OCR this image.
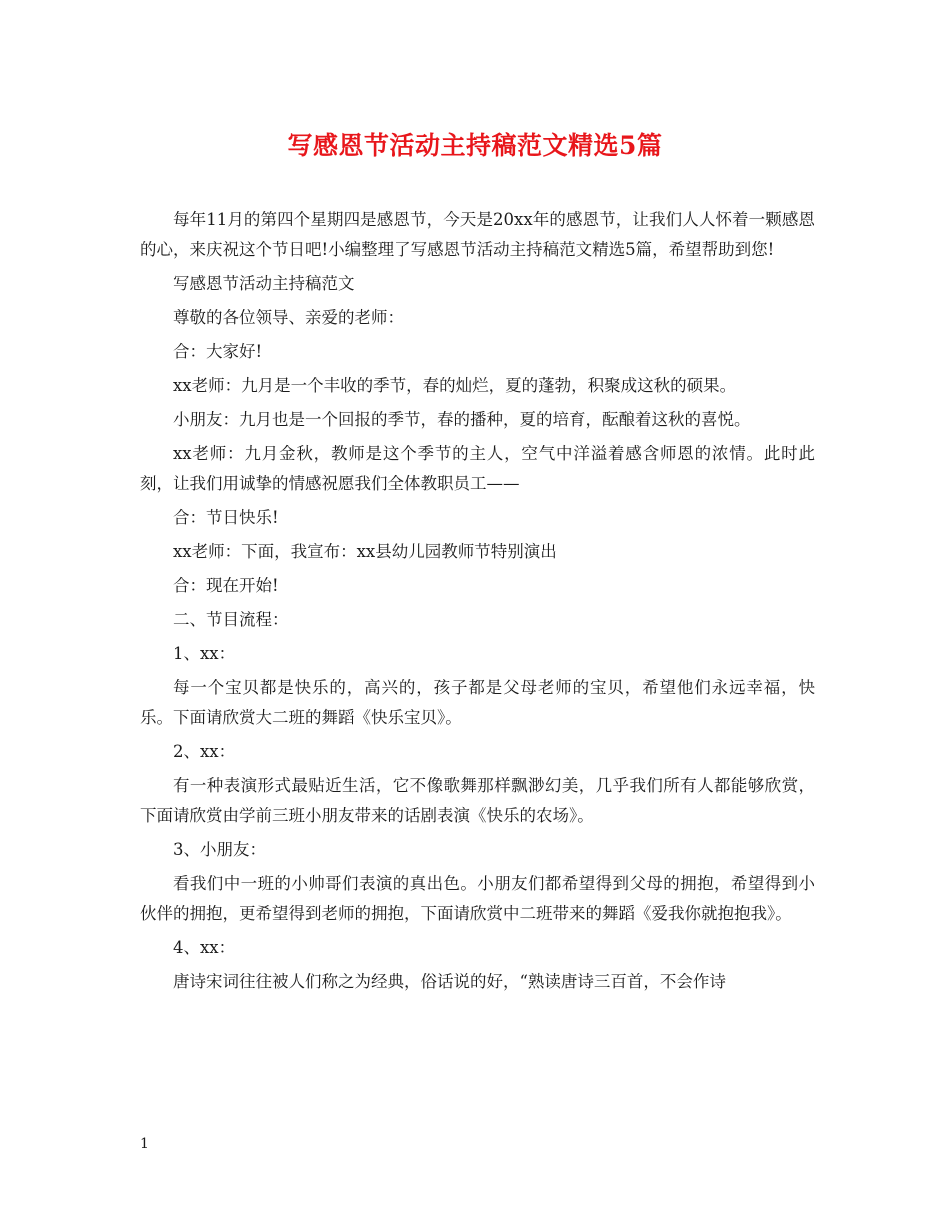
写感恩节活动主持稿范文精选5篇

每年11月的第四个星期四是感恩节，今天是20xx年的感恩节，让我们人人怀着一颗感恩的心，来庆祝这个节日吧!小编整理了写感恩节活动主持稿范文精选5篇，希望帮助到您!

写感恩节活动主持稿范文

尊敬的各位领导、亲爱的老师：

合：大家好!

xx老师：九月是一个丰收的季节，春的灿烂，夏的蓬勃，积聚成这秋的硕果。

小朋友：九月也是一个回报的季节，春的播种，夏的培育，酝酿着这秋的喜悦。

xx老师：九月金秋，教师是这个季节的主人，空气中洋溢着感含师恩的浓情。此时此刻，让我们用诚挚的情感祝愿我们全体教职员工——

合：节日快乐!

xx老师：下面，我宣布：xx县幼儿园教师节特别演出

合：现在开始!

二、节目流程：

1、xx：

每一个宝贝都是快乐的，高兴的，孩子都是父母老师的宝贝，希望他们永远幸福，快乐。下面请欣赏大二班的舞蹈《快乐宝贝》。

2、xx：

有一种表演形式最贴近生活，它不像歌舞那样飘渺幻美，几乎我们所有人都能够欣赏，下面请欣赏由学前三班小朋友带来的话剧表演《快乐的农场》。

3、小朋友：

看我们中一班的小帅哥们表演的真出色。小朋友们都希望得到父母的拥抱，希望得到小伙伴的拥抱，更希望得到老师的拥抱，下面请欣赏中二班带来的舞蹈《爱我你就抱抱我》。

4、xx：

唐诗宋词往往被人们称之为经典，俗话说的好，“熟读唐诗三百首，不会作诗

1
